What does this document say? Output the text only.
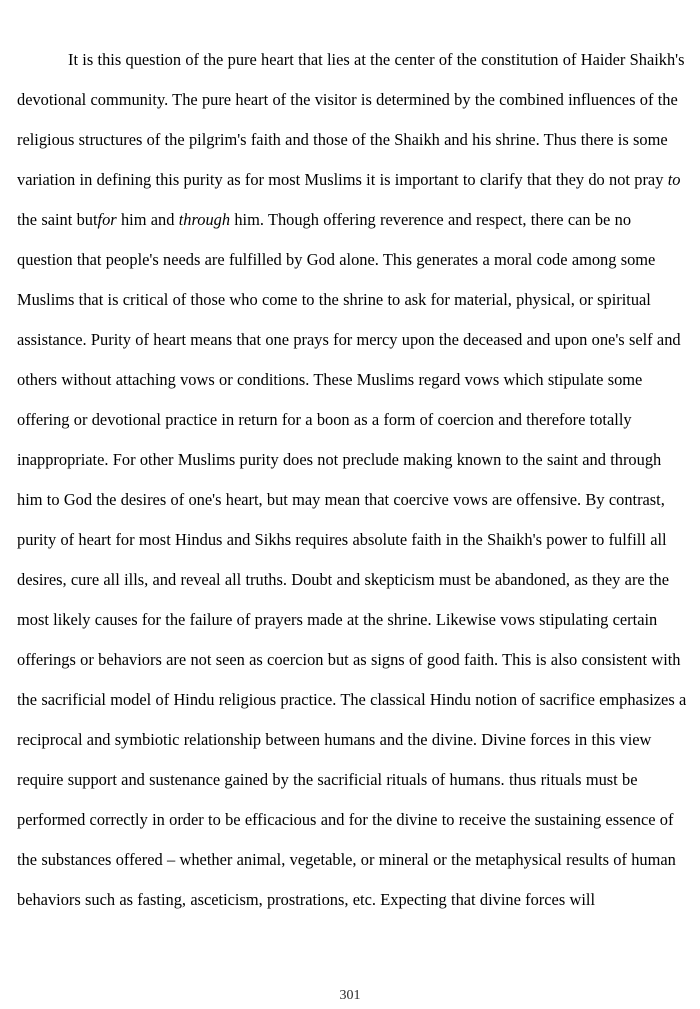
It is this question of the pure heart that lies at the center of the constitution of Haider Shaikh's devotional community. The pure heart of the visitor is determined by the combined influences of the religious structures of the pilgrim's faith and those of the Shaikh and his shrine. Thus there is some variation in defining this purity as for most Muslims it is important to clarify that they do not pray to the saint butfor him and through him. Though offering reverence and respect, there can be no question that people's needs are fulfilled by God alone. This generates a moral code among some Muslims that is critical of those who come to the shrine to ask for material, physical, or spiritual assistance. Purity of heart means that one prays for mercy upon the deceased and upon one's self and others without attaching vows or conditions. These Muslims regard vows which stipulate some offering or devotional practice in return for a boon as a form of coercion and therefore totally inappropriate. For other Muslims purity does not preclude making known to the saint and through him to God the desires of one's heart, but may mean that coercive vows are offensive. By contrast, purity of heart for most Hindus and Sikhs requires absolute faith in the Shaikh's power to fulfill all desires, cure all ills, and reveal all truths. Doubt and skepticism must be abandoned, as they are the most likely causes for the failure of prayers made at the shrine. Likewise vows stipulating certain offerings or behaviors are not seen as coercion but as signs of good faith. This is also consistent with the sacrificial model of Hindu religious practice. The classical Hindu notion of sacrifice emphasizes a reciprocal and symbiotic relationship between humans and the divine. Divine forces in this view require support and sustenance gained by the sacrificial rituals of humans. thus rituals must be performed correctly in order to be efficacious and for the divine to receive the sustaining essence of the substances offered – whether animal, vegetable, or mineral or the metaphysical results of human behaviors such as fasting, asceticism, prostrations, etc. Expecting that divine forces will

301
